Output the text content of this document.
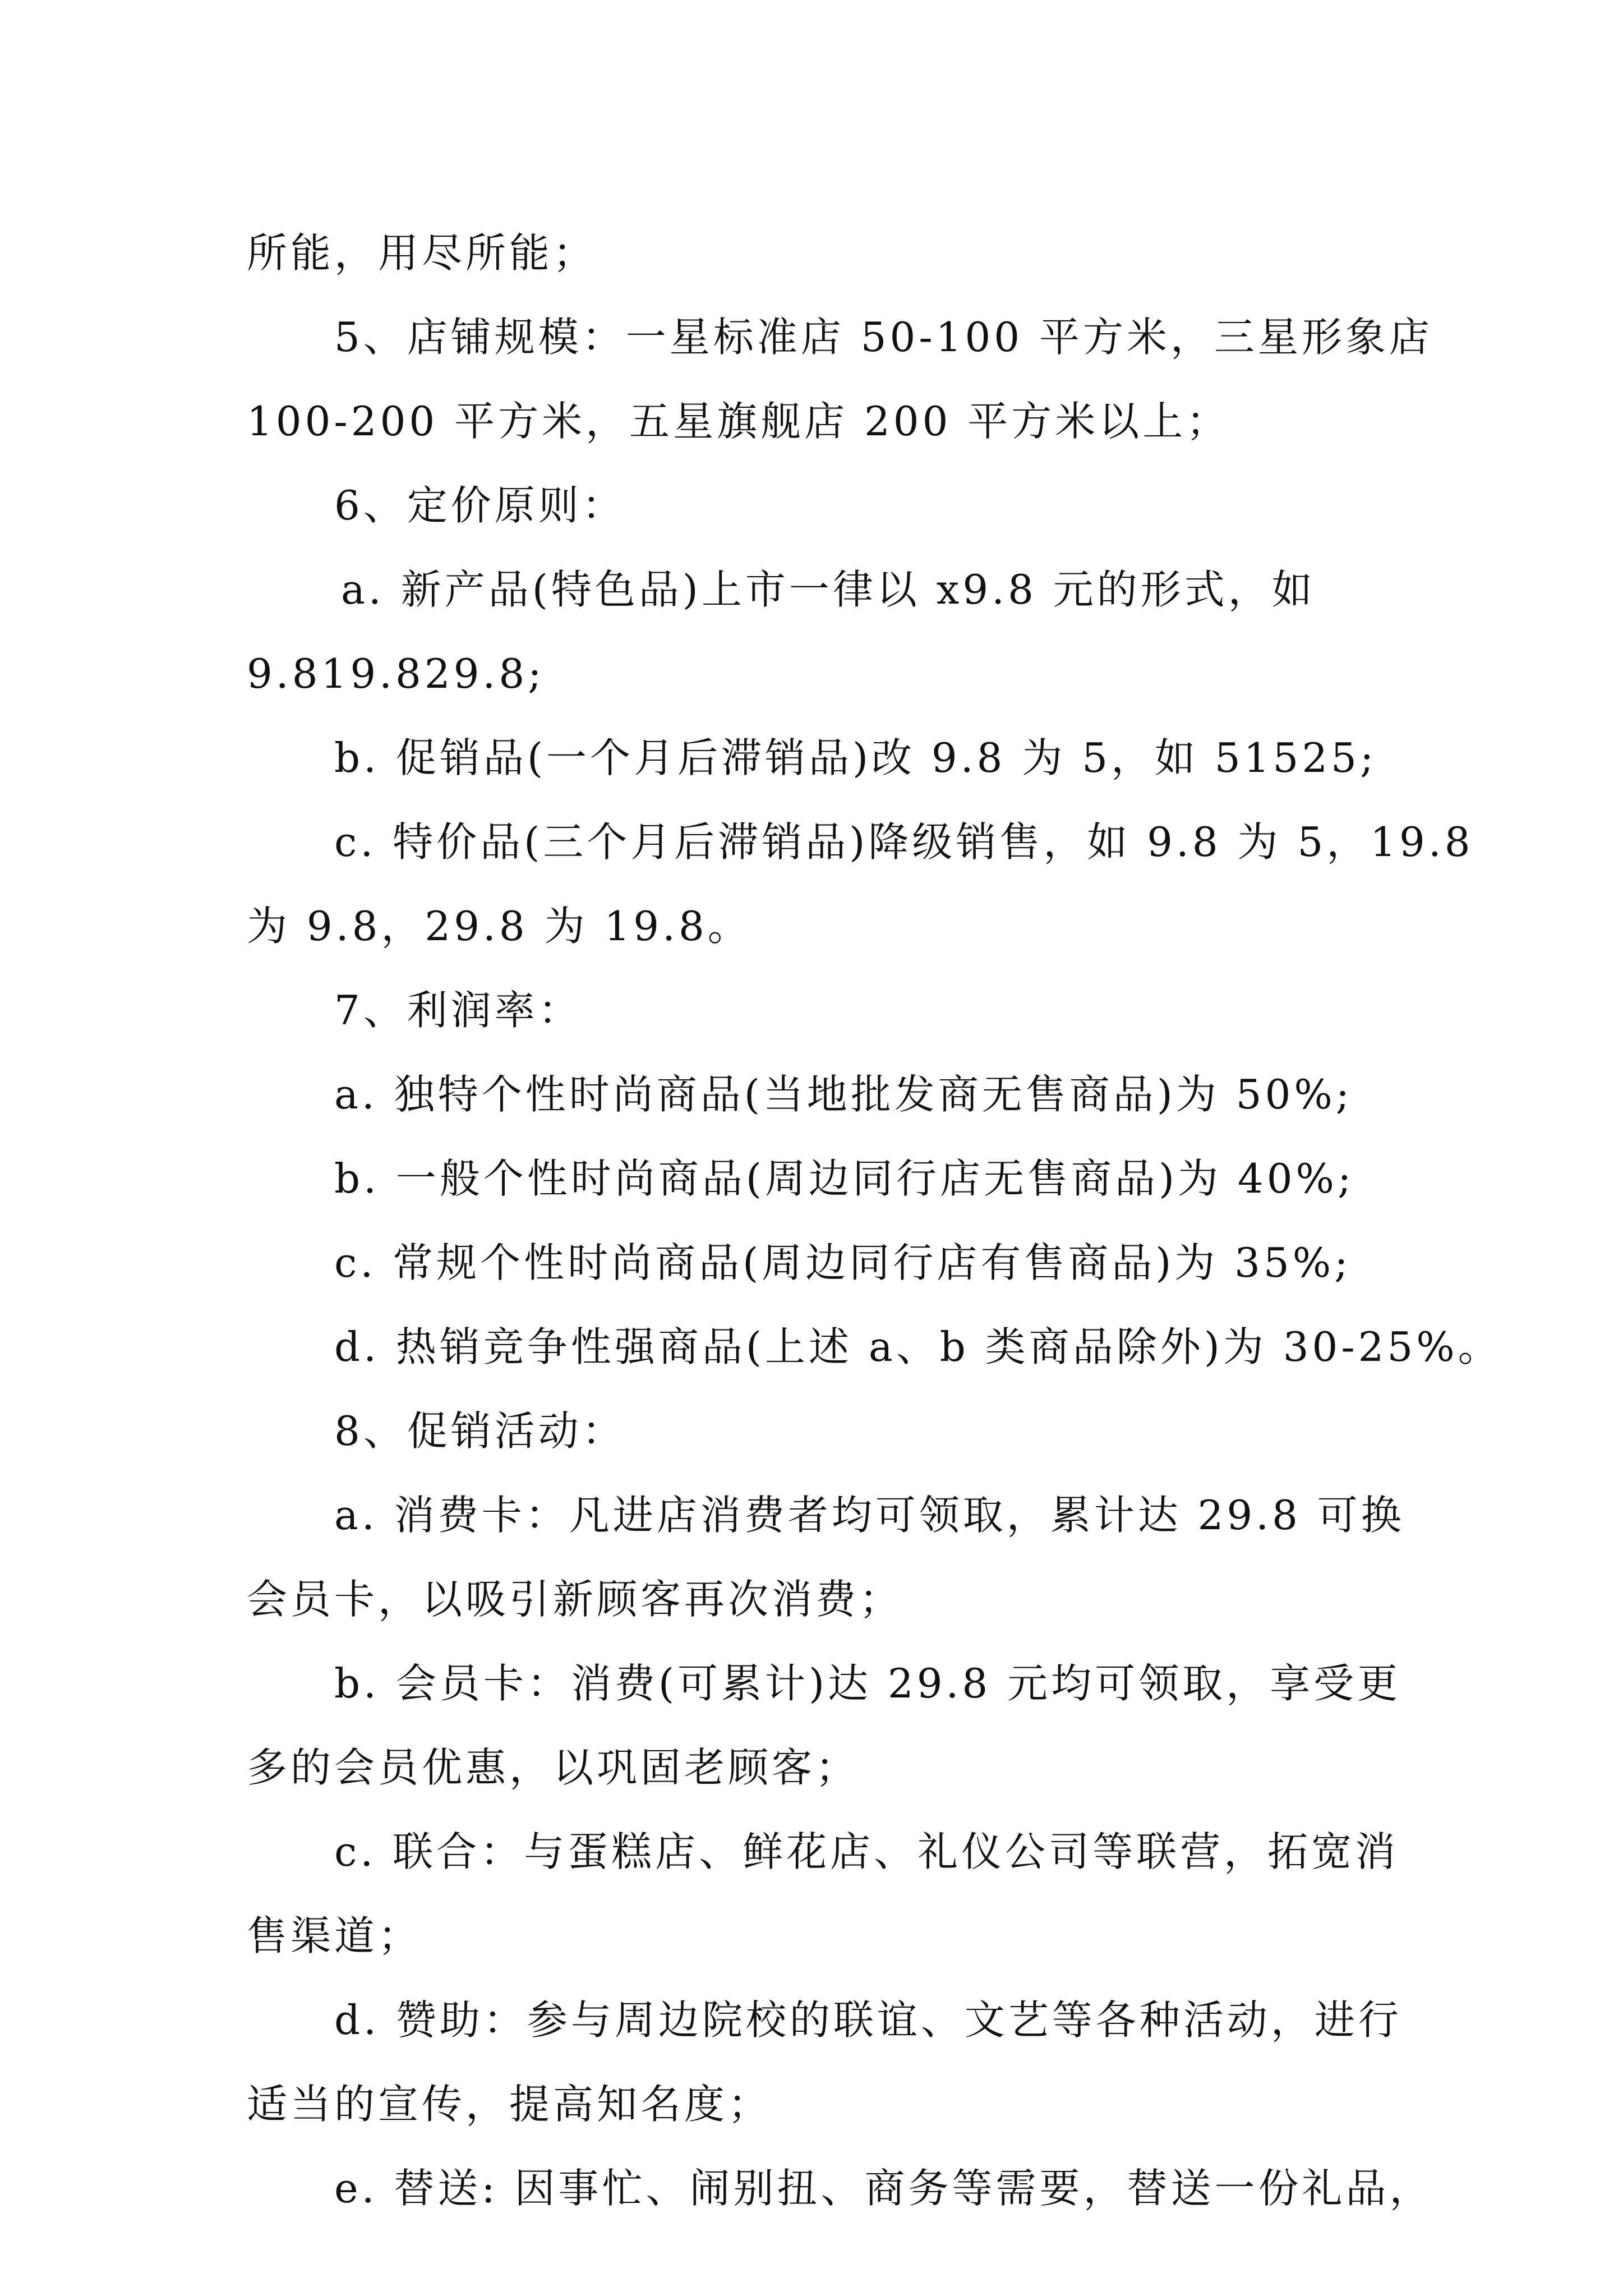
所能，用尽所能；

5、店铺规模：一星标准店 50-100 平方米，三星形象店

100-200 平方米，五星旗舰店 200 平方米以上；

6、定价原则：

a. 新产品(特色品)上市一律以 x9.8 元的形式，如

9.819.829.8;

b. 促销品(一个月后滞销品)改 9.8 为 5，如 51525;

c. 特价品(三个月后滞销品)降级销售，如 9.8 为 5，19.8

为 9.8，29.8 为 19.8。

7、利润率：

a. 独特个性时尚商品(当地批发商无售商品)为 50%;

b. 一般个性时尚商品(周边同行店无售商品)为 40%;

c. 常规个性时尚商品(周边同行店有售商品)为 35%;

d. 热销竞争性强商品(上述 a、b 类商品除外)为 30-25%。

8、促销活动：

a. 消费卡：凡进店消费者均可领取，累计达 29.8 可换

会员卡，以吸引新顾客再次消费；

b. 会员卡：消费(可累计)达 29.8 元均可领取，享受更

多的会员优惠，以巩固老顾客；

c. 联合：与蛋糕店、鲜花店、礼仪公司等联营，拓宽消

售渠道；

d. 赞助：参与周边院校的联谊、文艺等各种活动，进行

适当的宣传，提高知名度；

e. 替送: 因事忙、闹别扭、商务等需要，替送一份礼品，
